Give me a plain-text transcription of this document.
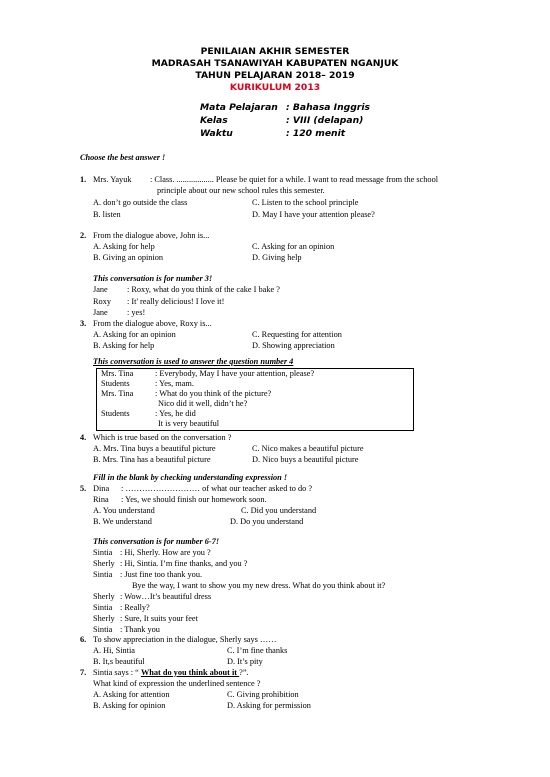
PENILAIAN AKHIR SEMESTER
MADRASAH TSANAWIYAH KABUPATEN NGANJUK
TAHUN PELAJARAN 2018– 2019
KURIKULUM 2013
Mata Pelajaran : Bahasa Inggris
Kelas	: VIII (delapan)
Waktu	: 120 menit
Choose the best answer !
1. Mrs. Yayuk : Class. .................. Please be quiet for a while. I want to read message from the school
principle about our new school rules this semester.
A. don’t go outside the class	C. Listen to the school principle
B. listen	D. May I have your attention please?
2. From the dialogue above, John is...
A. Asking for help	C. Asking for an opinion
B. Giving an opinion	D. Giving help
This conversation is for number 3!
Jane : Roxy, what do you think of the cake I bake ?
Roxy : It' really delicious! I love it!
Jane : yes!
3. From the dialogue above, Roxy is...
A. Asking for an opinion	C. Requesting for attention
B. Asking for help	D. Showing appreciation
This conversation is used to answer the question number 4
Mrs. Tina	: Everybody, May I have your attention, please?
Students	: Yes, mam.
Mrs. Tina	: What do you think of the picture?
Nico did it well, didn’t he?
Students	: Yes, he did
It is very beautiful
4. Which is true based on the conversation ?
A. Mrs. Tina buys a beautiful picture	C. Nico makes a beautiful picture
B. Mrs. Tina has a beautiful picture	D. Nico buys a beautiful picture
Fill in the blank by checking understanding expression !
5. Dina : ……………………… of what our teacher asked to do ?
Rina : Yes, we should finish our homework soon.
A. You understand	C. Did you understand
B. We understand	D. Do you understand
This conversation is for number 6-7!
Sintia : Hi, Sherly. How are you ?
Sherly : Hi, Sintia. I’m fine thanks, and you ?
Sintia : Just fine too thank you.
Bye the way, I want to show you my new dress. What do you think about it?
Sherly : Wow…It’s beautiful dress
Sintia : Really?
Sherly : Sure, It suits your feet
Sintia : Thank you
6. To show appreciation in the dialogue, Sherly says ……
A. Hi, Sintia	C. I’m fine thanks
B. It,s beautiful	D. It’s pity
7. Sintia says : “ What do you think about it ?”.
What kind of expression the underlined sentence ?
A. Asking for attention	C. Giving prohibition
B. Asking for opinion	D. Asking for permission
